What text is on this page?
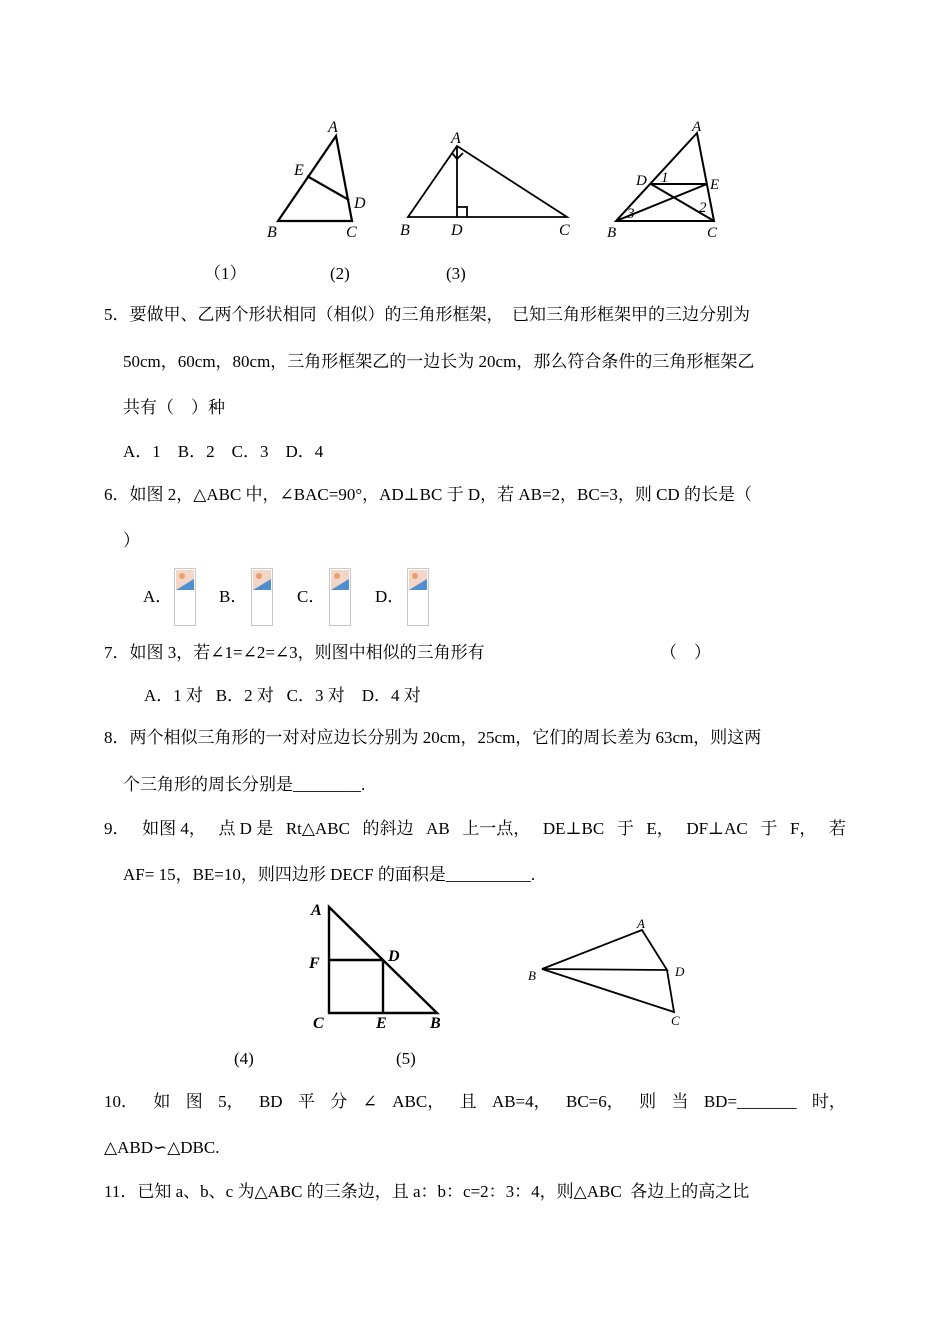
A
E
D
B	C
A
B	D	C
A
D 1	E
2
3
B	C
（1）	(2)	(3)
5． 要做甲、乙两个形状相同（相似）的三角形框架，  已知三角形框架甲的三边分别为
50cm，60cm，80cm，三角形框架乙的一边长为 20cm，那么符合条件的三角形框架乙
共有（    ）种
A．1    B．2    C．3    D．4
6．如图 2，△ABC 中，∠BAC=90°，AD⊥BC 于 D，若 AB=2，BC=3，则 CD 的长是（
）
A．	B．	C．	D．
7．如图 3，若∠1=∠2=∠3，则图中相似的三角形有	（    ）
A．1 对   B．2 对   C．3 对    D．4 对
8．两个相似三角形的一对对应边长分别为 20cm，25cm，它们的周长差为 63cm，则这两
个三角形的周长分别是________.
9． 如图 4， 点 D 是 Rt△ABC 的斜边 AB 上一点， DE⊥BC 于 E， DF⊥AC 于 F， 若
AF= 15，BE=10，则四边形 DECF 的面积是__________.
A
F	D
C	E	B
A
B	D
C
(4)	(5)
10． 如 图 5， BD 平 分 ∠ ABC， 且 AB=4， BC=6， 则 当 BD=_______ 时，
△ABD∽△DBC.
11．已知 a、b、c 为△ABC 的三条边，且 a：b：c=2：3：4，则△ABC  各边上的高之比
